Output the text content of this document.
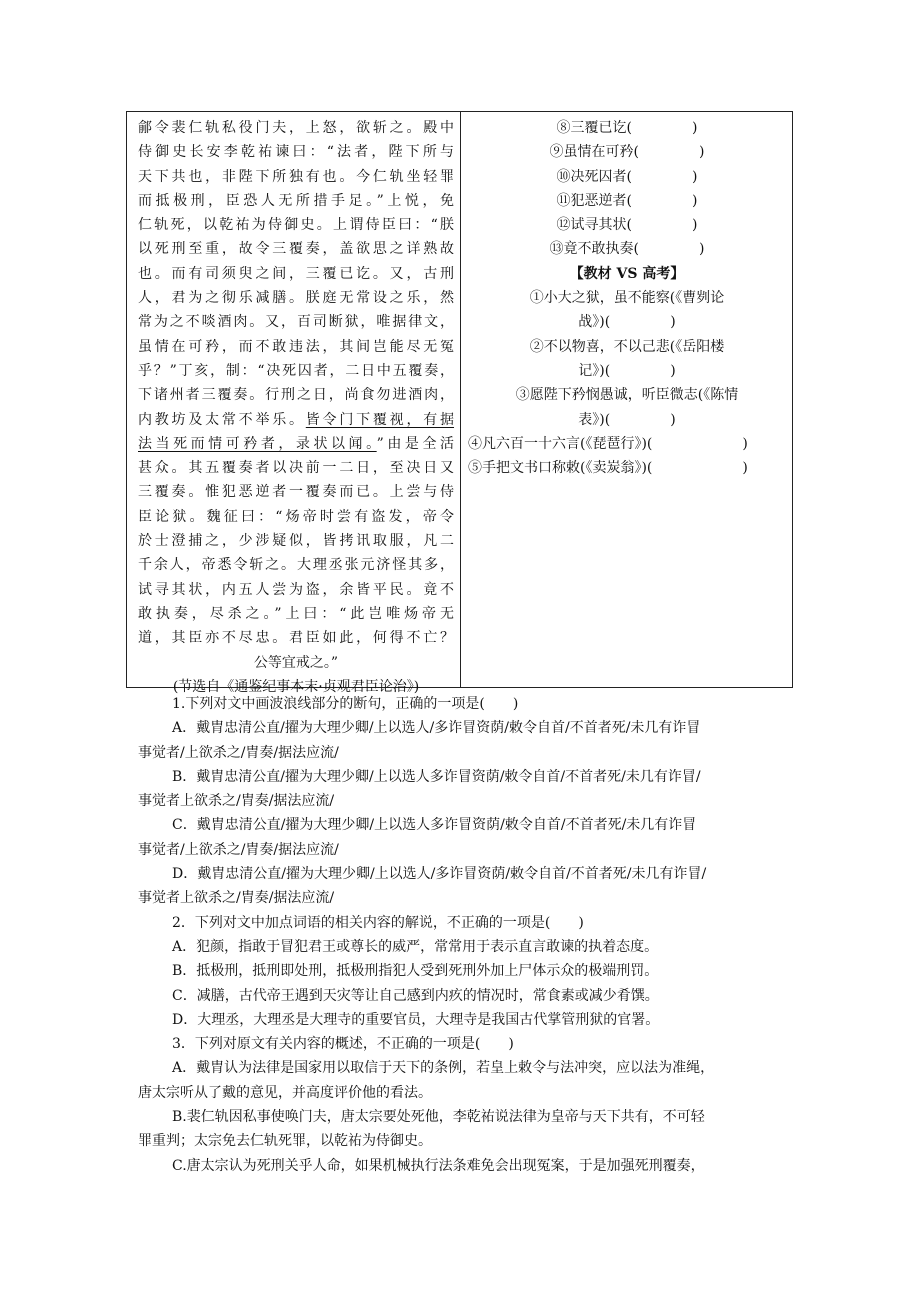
鄃令裴仁轨私役门夫，上怒，欲斩之。殿中
侍御史长安李乾祐谏曰：“法者，陛下所与
天下共也，非陛下所独有也。今仁轨坐轻罪
而抵极刑，臣恐人无所措手足。”上悦，免
仁轨死，以乾祐为侍御史。上谓侍臣曰：“朕
以死刑至重，故令三覆奏，盖欲思之详熟故
也。而有司须臾之间，三覆已讫。又，古刑
人，君为之彻乐减膳。朕庭无常设之乐，然
常为之不啖酒肉。又，百司断狱，唯据律文，
虽情在可矜，而不敢违法，其间岂能尽无冤
乎？”丁亥，制：“决死囚者，二日中五覆奏，
下诸州者三覆奏。行刑之日，尚食勿进酒肉，
内教坊及太常不举乐。皆令门下覆视，有据
法当死而情可矜者，录状以闻。”由是全活
甚众。其五覆奏者以决前一二日，至决日又
三覆奏。惟犯恶逆者一覆奏而已。上尝与侍
臣论狱。魏征曰：“炀帝时尝有盗发，帝令
於士澄捕之，少涉疑似，皆拷讯取服，凡二
千余人，帝悉令斩之。大理丞张元济怪其多，
试寻其状，内五人尝为盗，余皆平民。竟不
敢执奏，尽杀之。”上曰：“此岂唯炀帝无
道，其臣亦不尽忠。君臣如此，何得不亡？
公等宜戒之。”
(节选自《通鉴纪事本末·贞观君臣论治》)
⑧三覆已讫(	)
⑨虽情在可矜(	)
⑩决死囚者(	)
⑪犯恶逆者(	)
⑫试寻其状(	)
⑬竟不敢执奏(	)
【教材 VS 高考】
①小大之狱，虽不能察(《曹刿论
战》)(	)
②不以物喜，不以己悲(《岳阳楼
记》)(	)
③愿陛下矜悯愚诚，听臣微志(《陈情
表》)(	)
④凡六百一十六言(《琵琶行》)(	)
⑤手把文书口称敕(《卖炭翁》)(	)
1.下列对文中画波浪线部分的断句，正确的一项是(　　)
A．戴胄忠清公直/擢为大理少卿/上以选人/多诈冒资荫/敕令自首/不首者死/未几有诈冒
事觉者/上欲杀之/胄奏/据法应流/
B．戴胄忠清公直/擢为大理少卿/上以选人多诈冒资荫/敕令自首/不首者死/未几有诈冒/
事觉者上欲杀之/胄奏/据法应流/
C．戴胄忠清公直/擢为大理少卿/上以选人多诈冒资荫/敕令自首/不首者死/未几有诈冒
事觉者/上欲杀之/胄奏/据法应流/
D．戴胄忠清公直/擢为大理少卿/上以选人/多诈冒资荫/敕令自首/不首者死/未几有诈冒/
事觉者上欲杀之/胄奏/据法应流/
2．下列对文中加点词语的相关内容的解说，不正确的一项是(　　)
A．犯颜，指敢于冒犯君王或尊长的威严，常常用于表示直言敢谏的执着态度。
B．抵极刑，抵刑即处刑，抵极刑指犯人受到死刑外加上尸体示众的极端刑罚。
C．减膳，古代帝王遇到天灾等让自己感到内疚的情况时，常食素或减少肴馔。
D．大理丞，大理丞是大理寺的重要官员，大理寺是我国古代掌管刑狱的官署。
3．下列对原文有关内容的概述，不正确的一项是(　　)
A．戴胄认为法律是国家用以取信于天下的条例，若皇上敕令与法冲突，应以法为准绳，
唐太宗听从了戴的意见，并高度评价他的看法。
B.裴仁轨因私事使唤门夫，唐太宗要处死他，李乾祐说法律为皇帝与天下共有，不可轻
罪重判；太宗免去仁轨死罪，以乾祐为侍御史。
C.唐太宗认为死刑关乎人命，如果机械执行法条难免会出现冤案，于是加强死刑覆奏，
